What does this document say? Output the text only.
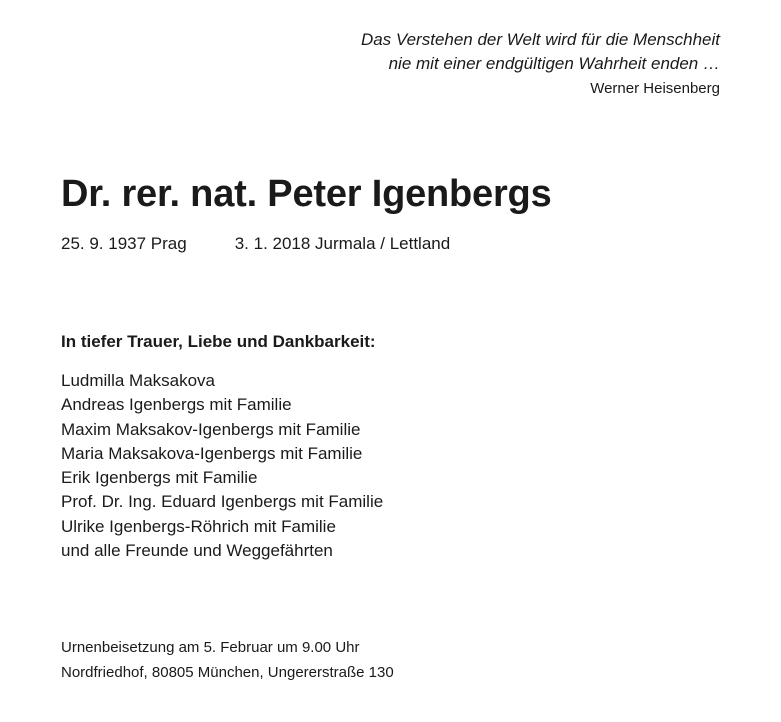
Das Verstehen der Welt wird für die Menschheit
nie mit einer endgültigen Wahrheit enden …
Werner Heisenberg
Dr. rer. nat. Peter Igenbergs
25. 9. 1937 Prag	3. 1. 2018 Jurmala / Lettland
In tiefer Trauer, Liebe und Dankbarkeit:
Ludmilla Maksakova
Andreas Igenbergs mit Familie
Maxim Maksakov-Igenbergs mit Familie
Maria Maksakova-Igenbergs mit Familie
Erik Igenbergs mit Familie
Prof. Dr. Ing. Eduard Igenbergs mit Familie
Ulrike Igenbergs-Röhrich mit Familie
und alle Freunde und Weggefährten
Urnenbeisetzung am 5. Februar um 9.00 Uhr
Nordfriedhof, 80805 München, Ungererstraße 130
